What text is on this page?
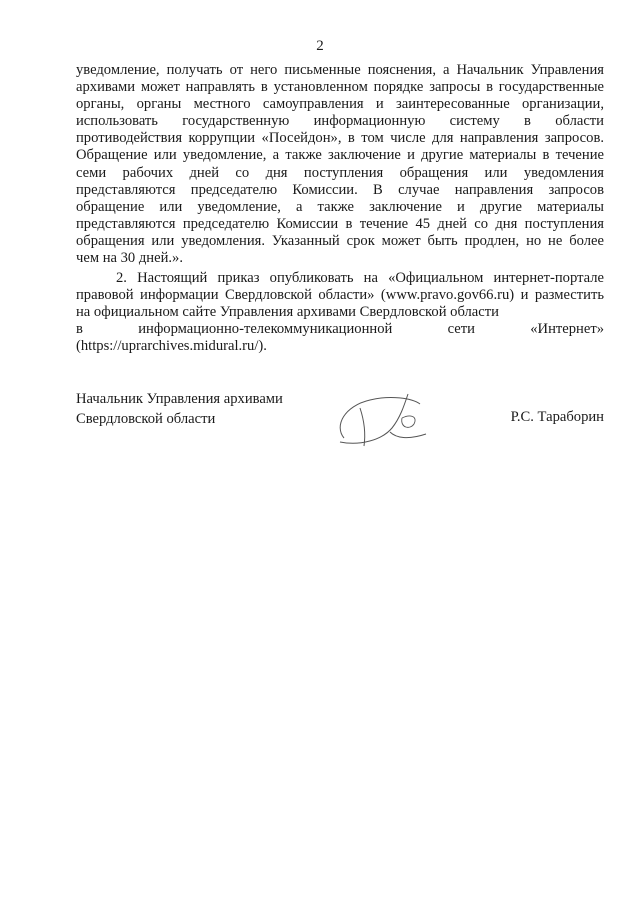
2
уведомление, получать от него письменные пояснения, а Начальник Управления
архивами может направлять в установленном порядке запросы в государственные
органы, органы местного самоуправления и заинтересованные организации,
использовать государственную информационную систему в области
противодействия коррупции «Посейдон», в том числе для направления запросов.
Обращение или уведомление, а также заключение и другие материалы в течение
семи рабочих дней со дня поступления обращения или уведомления
представляются председателю Комиссии. В случае направления запросов
обращение или уведомление, а также заключение и другие материалы
представляются председателю Комиссии в течение 45 дней со дня поступления
обращения или уведомления. Указанный срок может быть продлен, но не более
чем на 30 дней.».
2. Настоящий приказ опубликовать на «Официальном интернет-портале
правовой информации Свердловской области» (www.pravo.gov66.ru) и разместить
на официальном сайте Управления архивами Свердловской области
в информационно-телекоммуникационной сети «Интернет»
(https://uprarchives.midural.ru/).
Начальник Управления архивами
Свердловской области	Р.С. Тараборин
